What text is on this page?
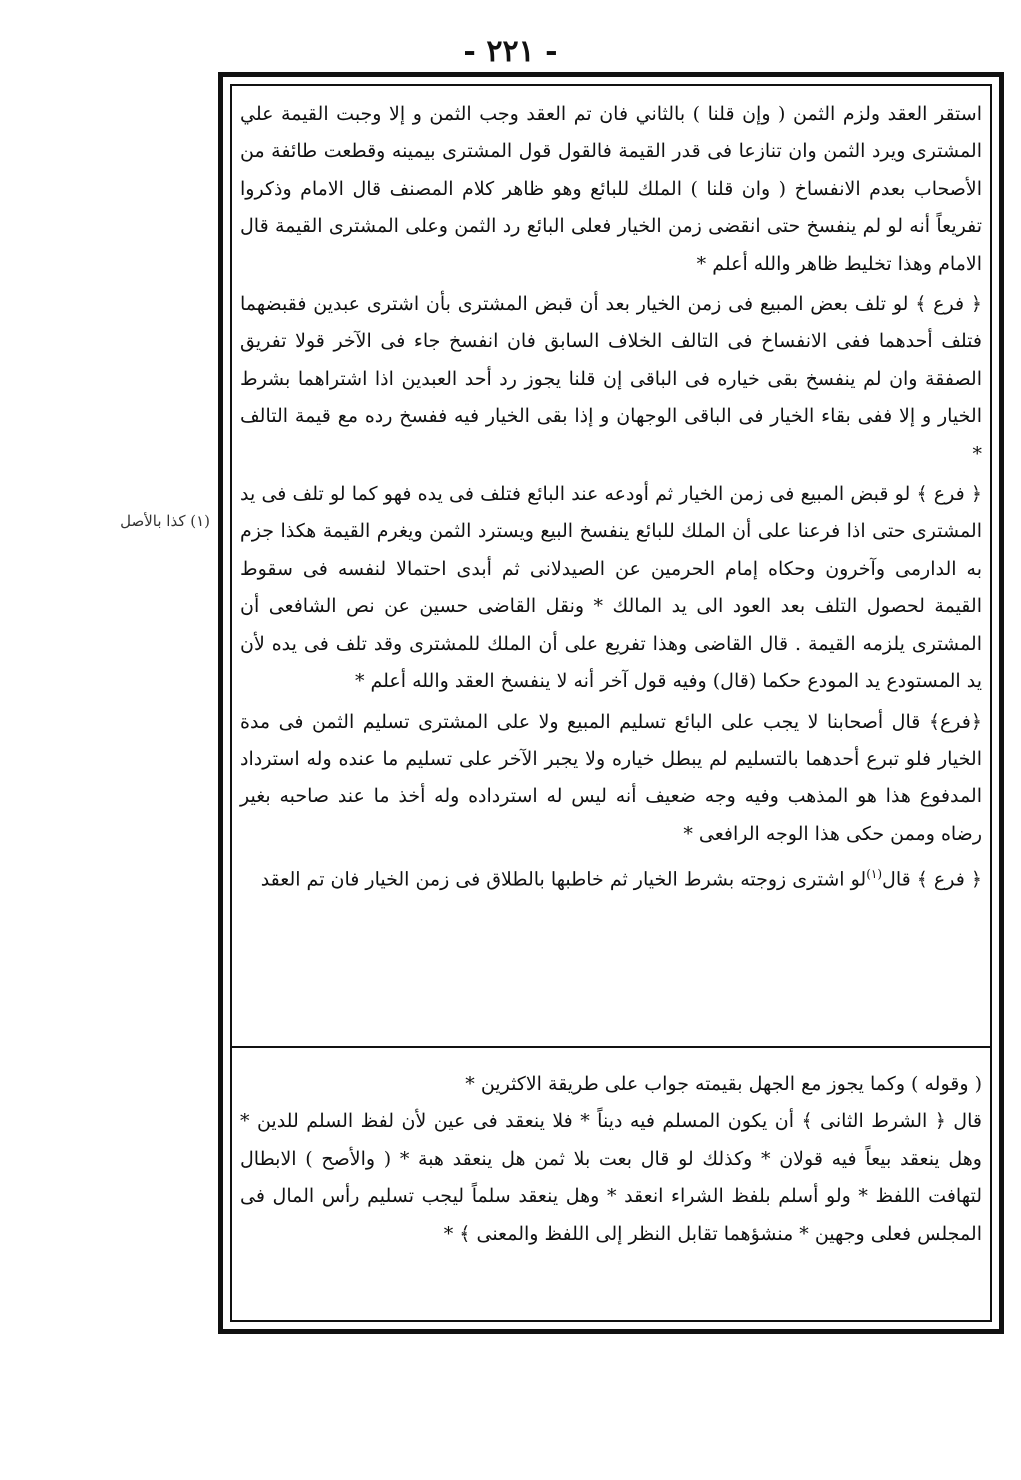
- ٢٢١ -
(١) كذا بالأصل

استقر العقد ولزم الثمن ( وإن قلنا ) بالثاني فان تم العقد وجب الثمن و إلا وجبت القيمة علي المشترى ويرد الثمن وان تنازعا فى قدر القيمة فالقول قول المشترى بيمينه وقطعت طائفة من الأصحاب بعدم الانفساخ ( وان قلنا ) الملك للبائع وهو ظاهر كلام المصنف قال الامام وذكروا تفريعاً أنه لو لم ينفسخ حتى انقضى زمن الخيار فعلى البائع رد الثمن وعلى المشترى القيمة قال الامام وهذا تخليط ظاهر والله أعلم *

﴿ فرع ﴾ لو تلف بعض المبيع فى زمن الخيار بعد أن قبض المشترى بأن اشترى عبدين فقبضهما فتلف أحدهما ففى الانفساخ فى التالف الخلاف السابق فان انفسخ جاء فى الآخر قولا تفريق الصفقة وان لم ينفسخ بقى خياره فى الباقى إن قلنا يجوز رد أحد العبدين اذا اشتراهما بشرط الخيار و إلا ففى بقاء الخيار فى الباقى الوجهان و إذا بقى الخيار فيه ففسخ رده مع قيمة التالف *

﴿ فرع ﴾ لو قبض المبيع فى زمن الخيار ثم أودعه عند البائع فتلف فى يده فهو كما لو تلف فى يد المشترى حتى اذا فرعنا على أن الملك للبائع ينفسخ البيع ويسترد الثمن ويغرم القيمة هكذا جزم به الدارمى وآخرون وحكاه إمام الحرمين عن الصيدلانى ثم أبدى احتمالا لنفسه فى سقوط القيمة لحصول التلف بعد العود الى يد المالك * ونقل القاضى حسين عن نص الشافعى أن المشترى يلزمه القيمة . قال القاضى وهذا تفريع على أن الملك للمشترى وقد تلف فى يده لأن يد المستودع يد المودع حكما (قال) وفيه قول آخر أنه لا ينفسخ العقد والله أعلم *

﴿فرع﴾ قال أصحابنا لا يجب على البائع تسليم المبيع ولا على المشترى تسليم الثمن فى مدة الخيار فلو تبرع أحدهما بالتسليم لم يبطل خياره ولا يجبر الآخر على تسليم ما عنده وله استرداد المدفوع هذا هو المذهب وفيه وجه ضعيف أنه ليس له استرداده وله أخذ ما عند صاحبه بغير رضاه وممن حكى هذا الوجه الرافعى *

﴿ فرع ﴾ قال$^{(١)}$لو اشترى زوجته بشرط الخيار ثم خاطبها بالطلاق فى زمن الخيار فان تم العقد

( وقوله ) وكما يجوز مع الجهل بقيمته جواب على طريقة الاكثرين *

قال ﴿ الشرط الثانى ﴾ أن يكون المسلم فيه ديناً * فلا ينعقد فى عين لأن لفظ السلم للدين * وهل ينعقد بيعاً فيه قولان * وكذلك لو قال بعت بلا ثمن هل ينعقد هبة * ( والأصح ) الابطال لتهافت اللفظ * ولو أسلم بلفظ الشراء انعقد * وهل ينعقد سلماً ليجب تسليم رأس المال فى المجلس فعلى وجهين * منشؤهما تقابل النظر إلى اللفظ والمعنى ﴾ *
